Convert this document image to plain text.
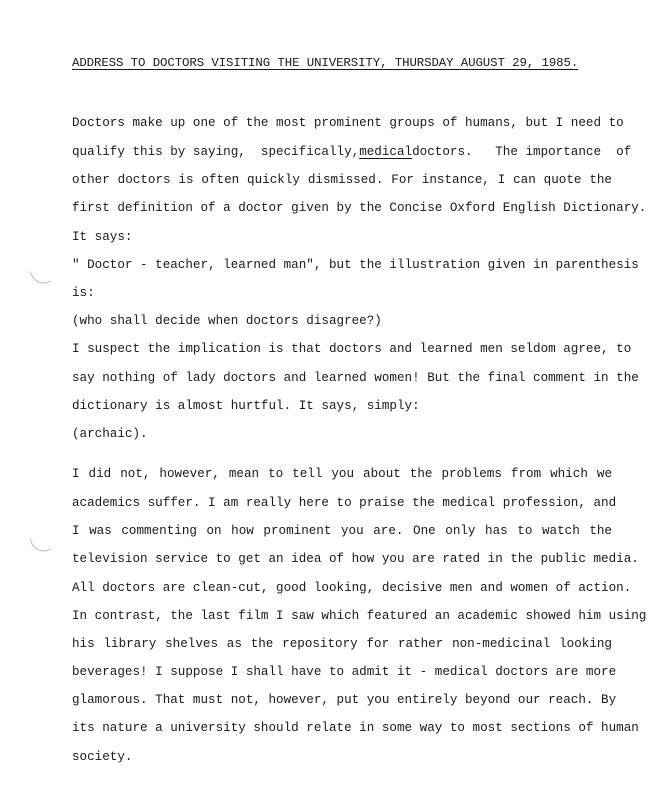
ADDRESS TO DOCTORS VISITING THE UNIVERSITY, THURSDAY AUGUST 29, 1985.
Doctors make up one of the most prominent groups of humans, but I need to
qualify this by saying,  specifically, medical doctors.   The importance  of
other doctors is often quickly dismissed. For instance, I can quote the
first definition of a doctor given by the Concise Oxford English Dictionary.
It says:
" Doctor - teacher, learned man", but the illustration given in parenthesis
is:
(who shall decide when doctors disagree?)
I suspect the implication is that doctors and learned men seldom agree, to
say nothing of lady doctors and learned women! But the final comment in the
dictionary is almost hurtful. It says, simply:
(archaic).
I did not, however, mean to tell you about the problems from which we
academics suffer. I am really here to praise the medical profession, and
I was commenting on how prominent you are. One only has to watch the
television service to get an idea of how you are rated in the public media.
All doctors are clean-cut, good looking, decisive men and women of action.
In contrast, the last film I saw which featured an academic showed him using
his library shelves as the repository for rather non-medicinal looking
beverages! I suppose I shall have to admit it - medical doctors are more
glamorous. That must not, however, put you entirely beyond our reach. By
its nature a university should relate in some way to most sections of human
society.
